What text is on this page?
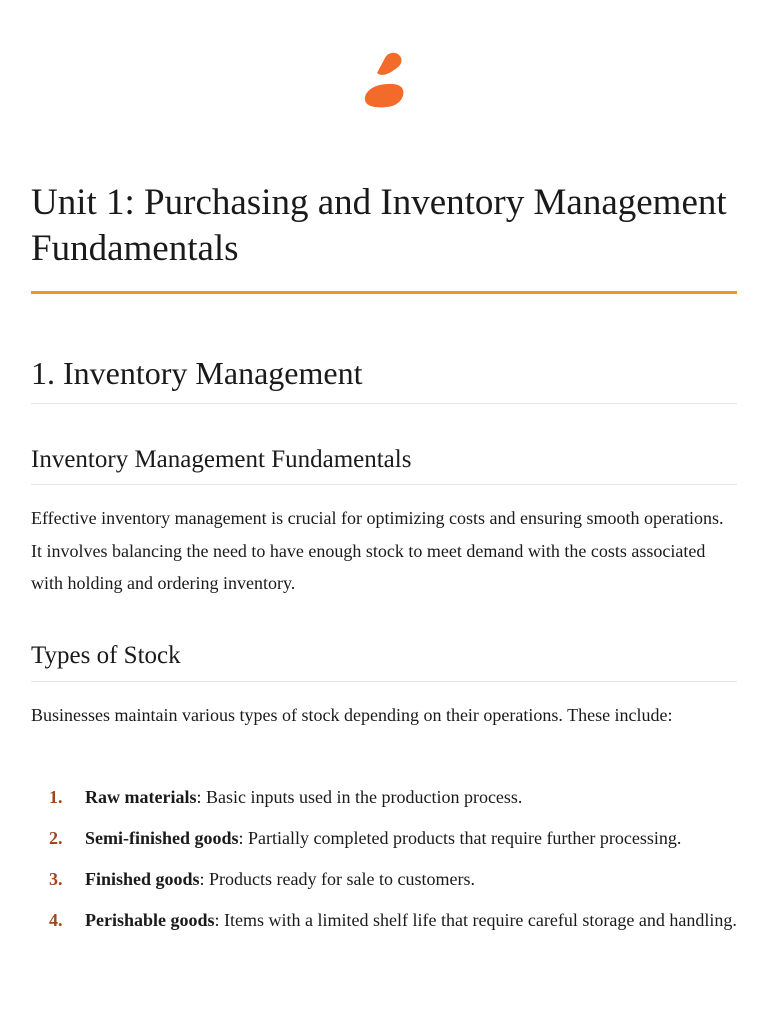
Unit 1: Purchasing and Inventory Management Fundamentals
1. Inventory Management
Inventory Management Fundamentals

Effective inventory management is crucial for optimizing costs and ensuring smooth operations. It involves balancing the need to have enough stock to meet demand with the costs associated with holding and ordering inventory.

Types of Stock

Businesses maintain various types of stock depending on their operations. These include:

1. Raw materials: Basic inputs used in the production process.
2. Semi-finished goods: Partially completed products that require further processing.
3. Finished goods: Products ready for sale to customers.
4. Perishable goods: Items with a limited shelf life that require careful storage and handling.
